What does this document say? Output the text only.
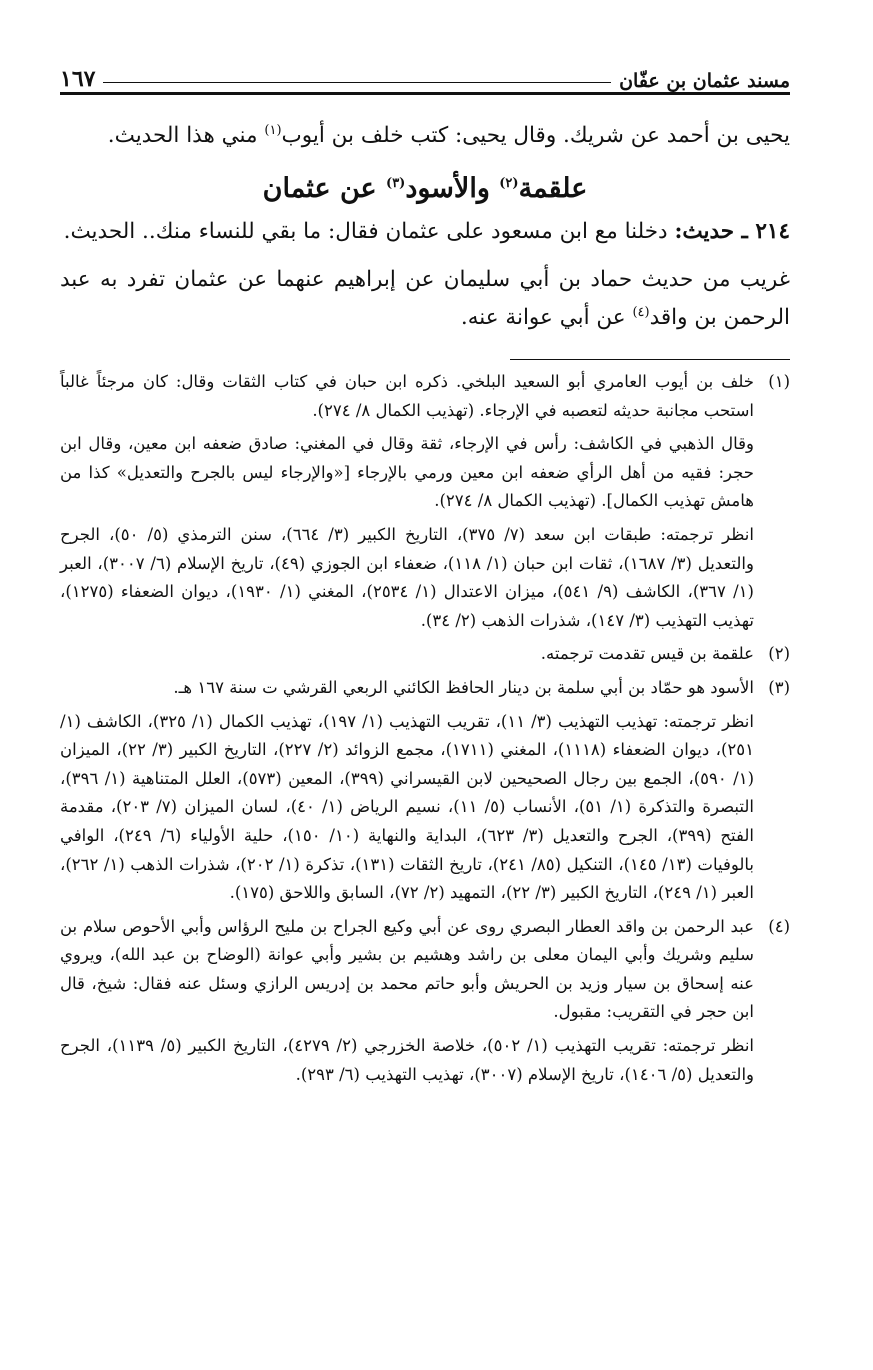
مسند عثمان بن عفّان
١٦٧

يحيى بن أحمد عن شريك. وقال يحيى: كتب خلف بن أيوب$^{(١)}$ مني هذا الحديث.

علقمة$^{(٢)}$ والأسود$^{(٣)}$ عن عثمان

٢١٤ ـ حديث: دخلنا مع ابن مسعود على عثمان فقال: ما بقي للنساء منك.. الحديث.

غريب من حديث حماد بن أبي سليمان عن إبراهيم عنهما عن عثمان تفرد به عبد الرحمن بن واقد$^{(٤)}$ عن أبي عوانة عنه.

(١)

خلف بن أيوب العامري أبو السعيد البلخي. ذكره ابن حبان في كتاب الثقات وقال: كان مرجئاً غالباً استحب مجانبة حديثه لتعصبه في الإرجاء. (تهذيب الكمال ٨/ ٢٧٤).

وقال الذهبي في الكاشف: رأس في الإرجاء، ثقة وقال في المغني: صادق ضعفه ابن معين، وقال ابن حجر: فقيه من أهل الرأي ضعفه ابن معين ورمي بالإرجاء [«والإرجاء ليس بالجرح والتعديل» كذا من هامش تهذيب الكمال]. (تهذيب الكمال ٨/ ٢٧٤).

انظر ترجمته: طبقات ابن سعد (٧/ ٣٧٥)، التاريخ الكبير (٣/ ٦٦٤)، سنن الترمذي (٥/ ٥٠)، الجرح والتعديل (٣/ ١٦٨٧)، ثقات ابن حبان (١/ ١١٨)، ضعفاء ابن الجوزي (٤٩)، تاريخ الإسلام (٦/ ٣٠٠٧)، العبر (١/ ٣٦٧)، الكاشف (٩/ ٥٤١)، ميزان الاعتدال (١/ ٢٥٣٤)، المغني (١/ ١٩٣٠)، ديوان الضعفاء (١٢٧٥)، تهذيب التهذيب (٣/ ١٤٧)، شذرات الذهب (٢/ ٣٤).

(٢)

علقمة بن قيس تقدمت ترجمته.

(٣)

الأسود هو حمّاد بن أبي سلمة بن دينار الحافظ الكائني الربعي القرشي ت سنة ١٦٧ هـ.

انظر ترجمته: تهذيب التهذيب (٣/ ١١)، تقريب التهذيب (١/ ١٩٧)، تهذيب الكمال (١/ ٣٢٥)، الكاشف (١/ ٢٥١)، ديوان الضعفاء (١١١٨)، المغني (١٧١١)، مجمع الزوائد (٢/ ٢٢٧)، التاريخ الكبير (٣/ ٢٢)، الميزان (١/ ٥٩٠)، الجمع بين رجال الصحيحين لابن القيسراني (٣٩٩)، المعين (٥٧٣)، العلل المتناهية (١/ ٣٩٦)، التبصرة والتذكرة (١/ ٥١)، الأنساب (٥/ ١١)، نسيم الرياض (١/ ٤٠)، لسان الميزان (٧/ ٢٠٣)، مقدمة الفتح (٣٩٩)، الجرح والتعديل (٣/ ٦٢٣)، البداية والنهاية (١٠/ ١٥٠)، حلية الأولياء (٦/ ٢٤٩)، الوافي بالوفيات (١٣/ ١٤٥)، التنكيل (٨٥/ ٢٤١)، تاريخ الثقات (١٣١)، تذكرة (١/ ٢٠٢)، شذرات الذهب (١/ ٢٦٢)، العبر (١/ ٢٤٩)، التاريخ الكبير (٣/ ٢٢)، التمهيد (٢/ ٧٢)، السابق واللاحق (١٧٥).

(٤)

عبد الرحمن بن واقد العطار البصري روى عن أبي وكيع الجراح بن مليح الرؤاس وأبي الأحوص سلام بن سليم وشريك وأبي اليمان معلى بن راشد وهشيم بن بشير وأبي عوانة (الوضاح بن عبد الله)، ويروي عنه إسحاق بن سيار وزيد بن الحريش وأبو حاتم محمد بن إدريس الرازي وسئل عنه فقال: شيخ، قال ابن حجر في التقريب: مقبول.

انظر ترجمته: تقريب التهذيب (١/ ٥٠٢)، خلاصة الخزرجي (٢/ ٤٢٧٩)، التاريخ الكبير (٥/ ١١٣٩)، الجرح والتعديل (٥/ ١٤٠٦)، تاريخ الإسلام (٣٠٠٧)، تهذيب التهذيب (٦/ ٢٩٣).
